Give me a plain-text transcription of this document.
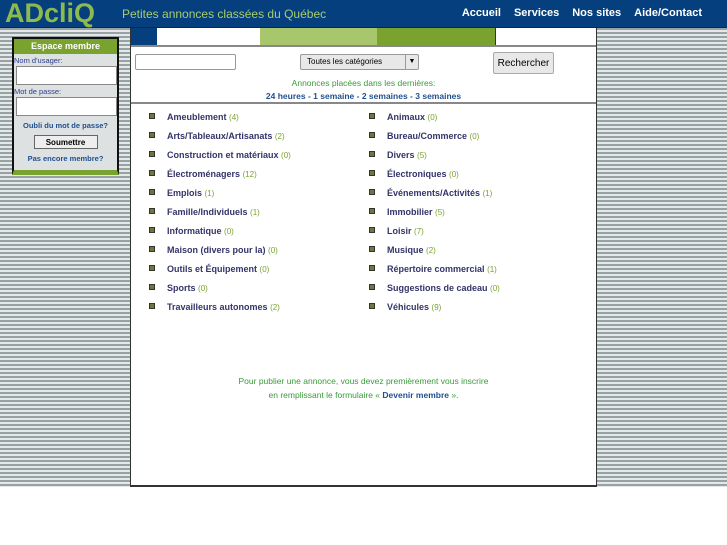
ADcliQ Petites annonces classées du Québec	Accueil Services Nos sites Aide/Contact
Espace membre
Nom d'usager:
Mot de passe:
Oubli du mot de passe?
Soumettre
Pas encore membre?
Toutes les catégories	▼	Rechercher
Annonces placées dans les dernières:
24 heures - 1 semaine - 2 semaines - 3 semaines
Ameublement (4)	Animaux (0)
Arts/Tableaux/Artisanats (2)	Bureau/Commerce (0)
Construction et matériaux (0)	Divers (5)
Électroménagers (12)	Électroniques (0)
Emplois (1)	Événements/Activités (1)
Famille/Individuels (1)	Immobilier (5)
Informatique (0)	Loisir (7)
Maison (divers pour la) (0)	Musique (2)
Outils et Équipement (0)	Répertoire commercial (1)
Sports (0)	Suggestions de cadeau (0)
Travailleurs autonomes (2)	Véhicules (9)
Pour publier une annonce, vous devez premièrement vous inscrire
en remplissant le formulaire « Devenir membre ».
